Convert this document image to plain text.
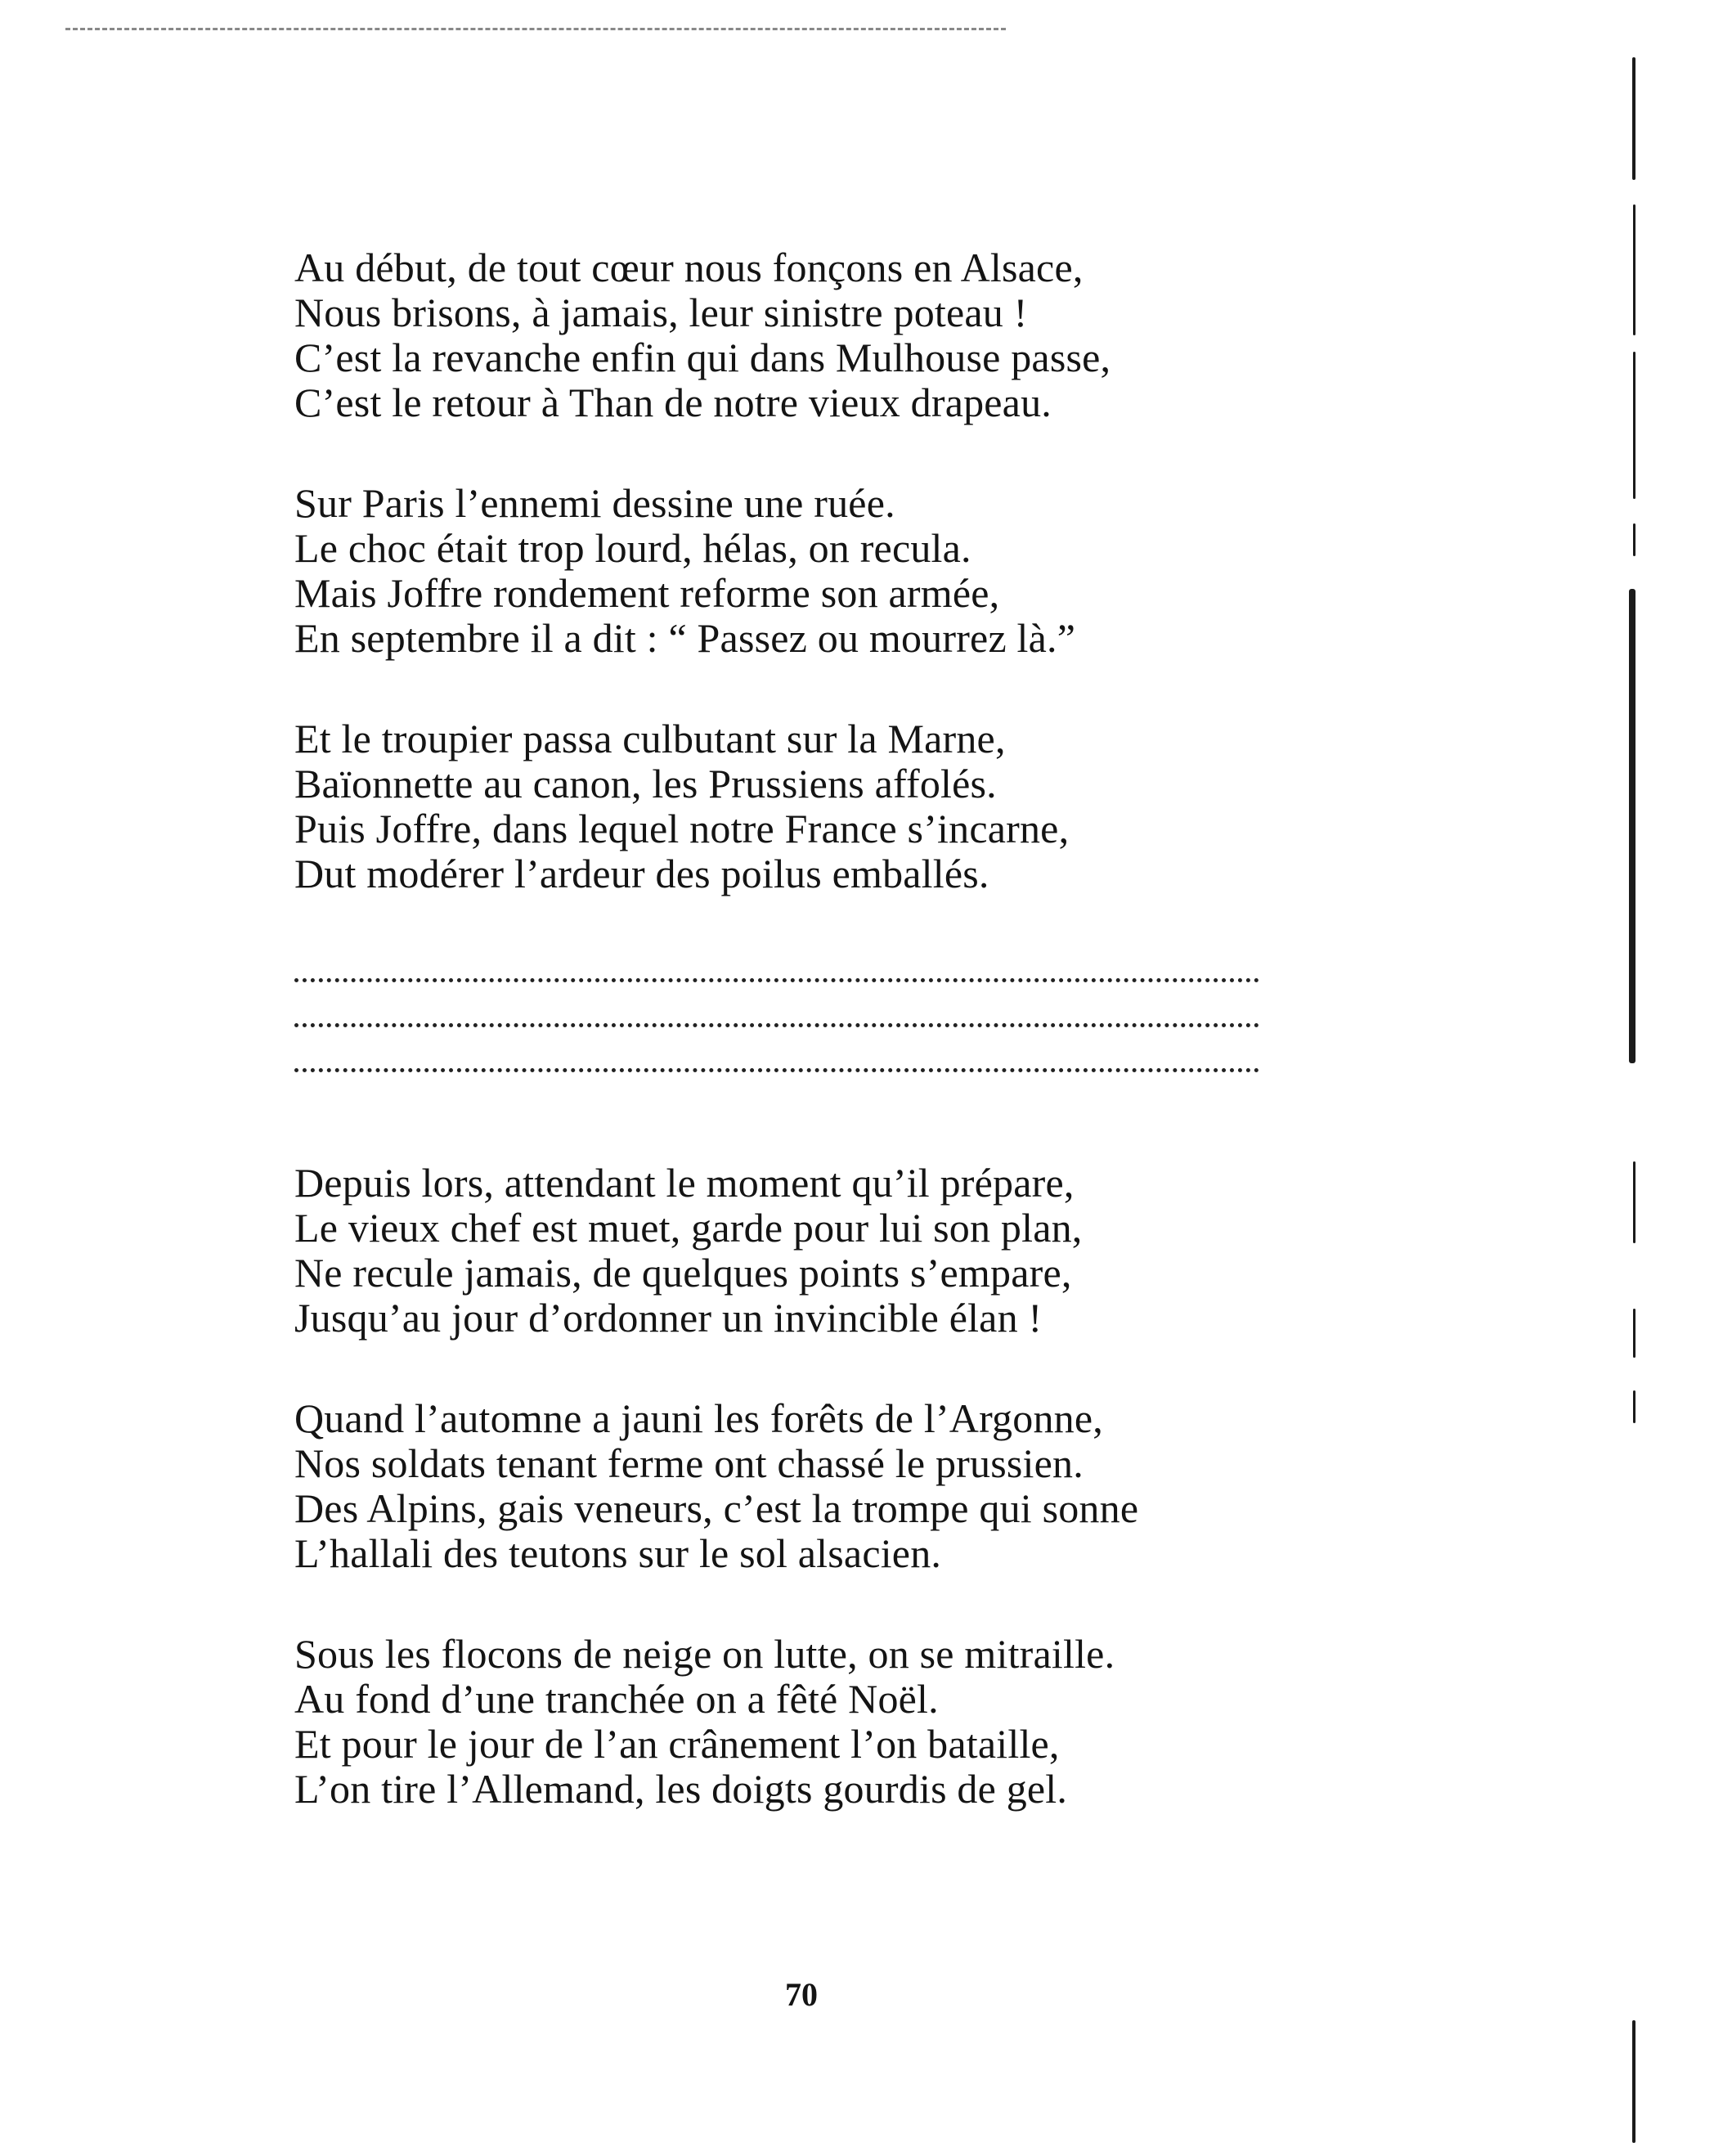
Au début, de tout cœur nous fonçons en Alsace,
Nous brisons, à jamais, leur sinistre poteau !
C’est la revanche enfin qui dans Mulhouse passe,
C’est le retour à Than de notre vieux drapeau.
Sur Paris l’ennemi dessine une ruée.
Le choc était trop lourd, hélas, on recula.
Mais Joffre rondement reforme son armée,
En septembre il a dit : “ Passez ou mourrez là.”
Et le troupier passa culbutant sur la Marne,
Baïonnette au canon, les Prussiens affolés.
Puis Joffre, dans lequel notre France s’incarne,
Dut modérer l’ardeur des poilus emballés.
Depuis lors, attendant le moment qu’il prépare,
Le vieux chef est muet, garde pour lui son plan,
Ne recule jamais, de quelques points s’empare,
Jusqu’au jour d’ordonner un invincible élan !
Quand l’automne a jauni les forêts de l’Argonne,
Nos soldats tenant ferme ont chassé le prussien.
Des Alpins, gais veneurs, c’est la trompe qui sonne
L’hallali des teutons sur le sol alsacien.
Sous les flocons de neige on lutte, on se mitraille.
Au fond d’une tranchée on a fêté Noël.
Et pour le jour de l’an crânement l’on bataille,
L’on tire l’Allemand, les doigts gourdis de gel.
70
